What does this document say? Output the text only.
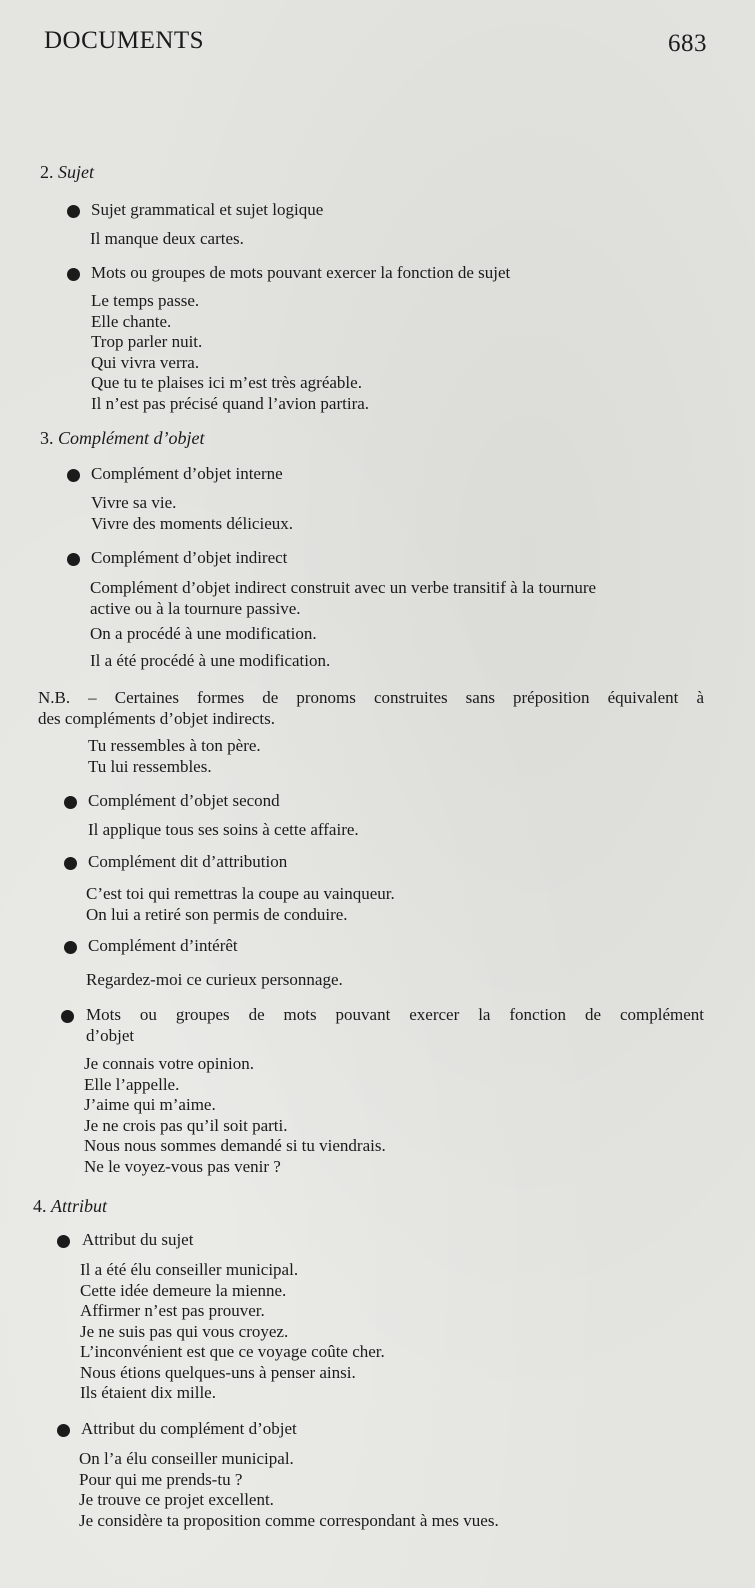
DOCUMENTS	683
2. Sujet
Sujet grammatical et sujet logique
Il manque deux cartes.
Mots ou groupes de mots pouvant exercer la fonction de sujet
Le temps passe.
Elle chante.
Trop parler nuit.
Qui vivra verra.
Que tu te plaises ici m’est très agréable.
Il n’est pas précisé quand l’avion partira.
3. Complément d’objet
Complément d’objet interne
Vivre sa vie.
Vivre des moments délicieux.
Complément d’objet indirect
Complément d’objet indirect construit avec un verbe transitif à la tournure
active ou à la tournure passive.
On a procédé à une modification.
Il a été procédé à une modification.
N.B. – Certaines formes de pronoms construites sans préposition équivalent à
des compléments d’objet indirects.
Tu ressembles à ton père.
Tu lui ressembles.
Complément d’objet second
Il applique tous ses soins à cette affaire.
Complément dit d’attribution
C’est toi qui remettras la coupe au vainqueur.
On lui a retiré son permis de conduire.
Complément d’intérêt
Regardez-moi ce curieux personnage.
Mots ou groupes de mots pouvant exercer la fonction de complément
d’objet
Je connais votre opinion.
Elle l’appelle.
J’aime qui m’aime.
Je ne crois pas qu’il soit parti.
Nous nous sommes demandé si tu viendrais.
Ne le voyez-vous pas venir ?
4. Attribut
Attribut du sujet
Il a été élu conseiller municipal.
Cette idée demeure la mienne.
Affirmer n’est pas prouver.
Je ne suis pas qui vous croyez.
L’inconvénient est que ce voyage coûte cher.
Nous étions quelques-uns à penser ainsi.
Ils étaient dix mille.
Attribut du complément d’objet
On l’a élu conseiller municipal.
Pour qui me prends-tu ?
Je trouve ce projet excellent.
Je considère ta proposition comme correspondant à mes vues.
